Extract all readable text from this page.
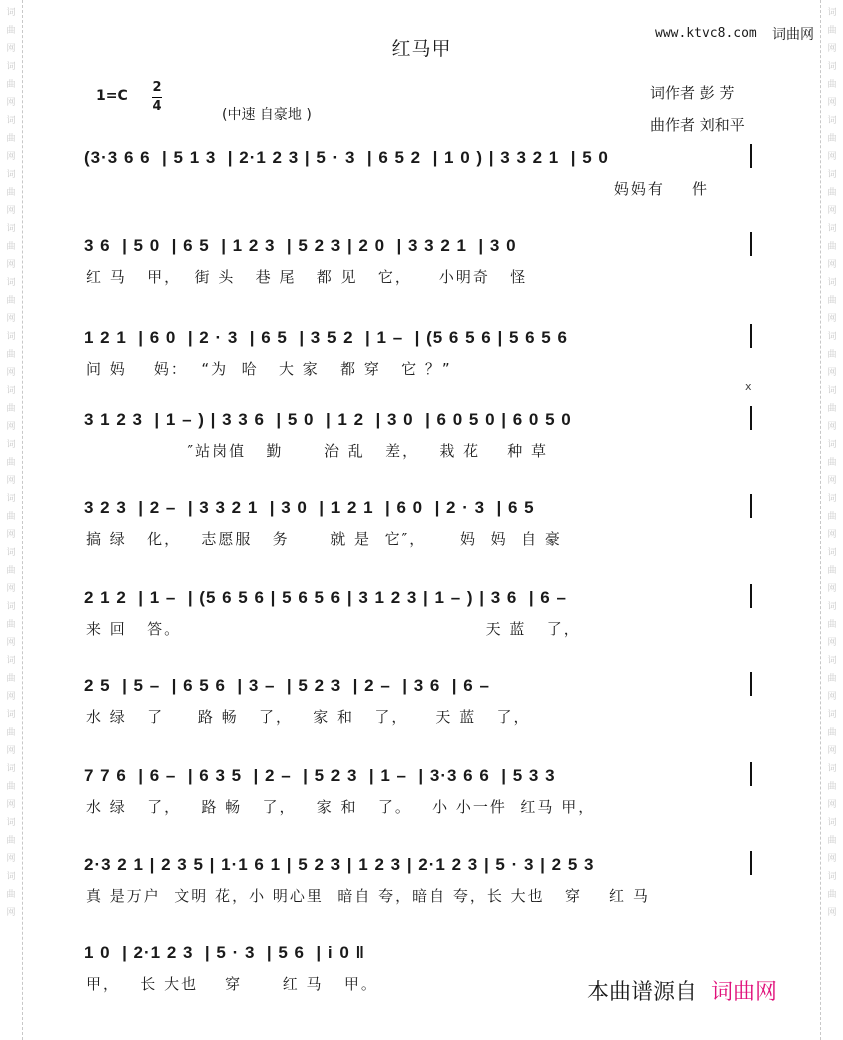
词
曲
网
词
曲
网
词
曲
网
词
曲
网
词
曲
网
词
曲
网
词
曲
网
词
曲
网
词
曲
网
词
曲
网
词
曲
网
词
曲
网
词
曲
网
词
曲
网
词
曲
网
词
曲
网
词
曲
网
词
曲
网
词
曲
网
词
曲
网
词
曲
网
词
曲
网
词
曲
网
词
曲
网
词
曲
网
词
曲
网
词
曲
网
词
曲
网
词
曲
网
词
曲
网
词
曲
网
词
曲
网
词
曲
网
词
曲
网
www.ktvc8.com 词曲网
红马甲
1=C
2
4
(中速 自豪地 )
词作者 彭 芳
曲作者 刘和平
(3·3 6 6  | 5 1 3  | 2·1 2 3 | 5 · 3  | 6 5 2  | 1 0 ) | 3 3 2 1  | 5 0
妈妈有    件
3 6  | 5 0  | 6 5  | 1 2 3  | 5 2 3 | 2 0  | 3 3 2 1  | 3 0
红 马   甲，  街 头   巷 尾   都 见   它，    小明奇   怪
1 2 1  | 6 0  | 2 · 3  | 6 5  | 3 5 2  | 1 –  | (5 6 5 6 | 5 6 5 6
问 妈    妈：  “为  哈   大 家   都 穿   它 ？”
3 1 2 3  | 1 – ) | 3 3 6  | 5 0  | 1 2  | 3 0  | 6 0 5 0 | 6 0 5 0
″站岗值   勤      治 乱   差，   栽 花    种 草
3 2 3  | 2 –  | 3 3 2 1  | 3 0  | 1 2 1  | 6 0  | 2 · 3  | 6 5
搞 绿   化，   志愿服   务      就 是  它″，     妈  妈  自 豪
2 1 2  | 1 –  | (5 6 5 6 | 5 6 5 6 | 3 1 2 3 | 1 – ) | 3 6  | 6 –
来 回   答。                                             天 蓝   了，
2 5  | 5 –  | 6 5 6  | 3 –  | 5 2 3  | 2 –  | 3 6  | 6 –
水 绿   了     路 畅   了，   家 和   了，    天 蓝   了，
7 7 6  | 6 –  | 6 3 5  | 2 –  | 5 2 3  | 1 –  | 3·3 6 6  | 5 3 3
水 绿   了，   路 畅   了，   家 和   了。   小 小一件  红马 甲，
2·3 2 1 | 2 3 5 | 1·1 6 1 | 5 2 3 | 1 2 3 | 2·1 2 3 | 5 · 3 | 2 5 3
真 是万户  文明 花，小 明心里  暗自 夸，暗自 夸，长 大也   穿    红 马
1 0  | 2·1 2 3  | 5 · 3  | 5 6  | i 0 ‖
甲，   长 大也    穿      红 马   甲。
x
本曲谱源自 词曲网
